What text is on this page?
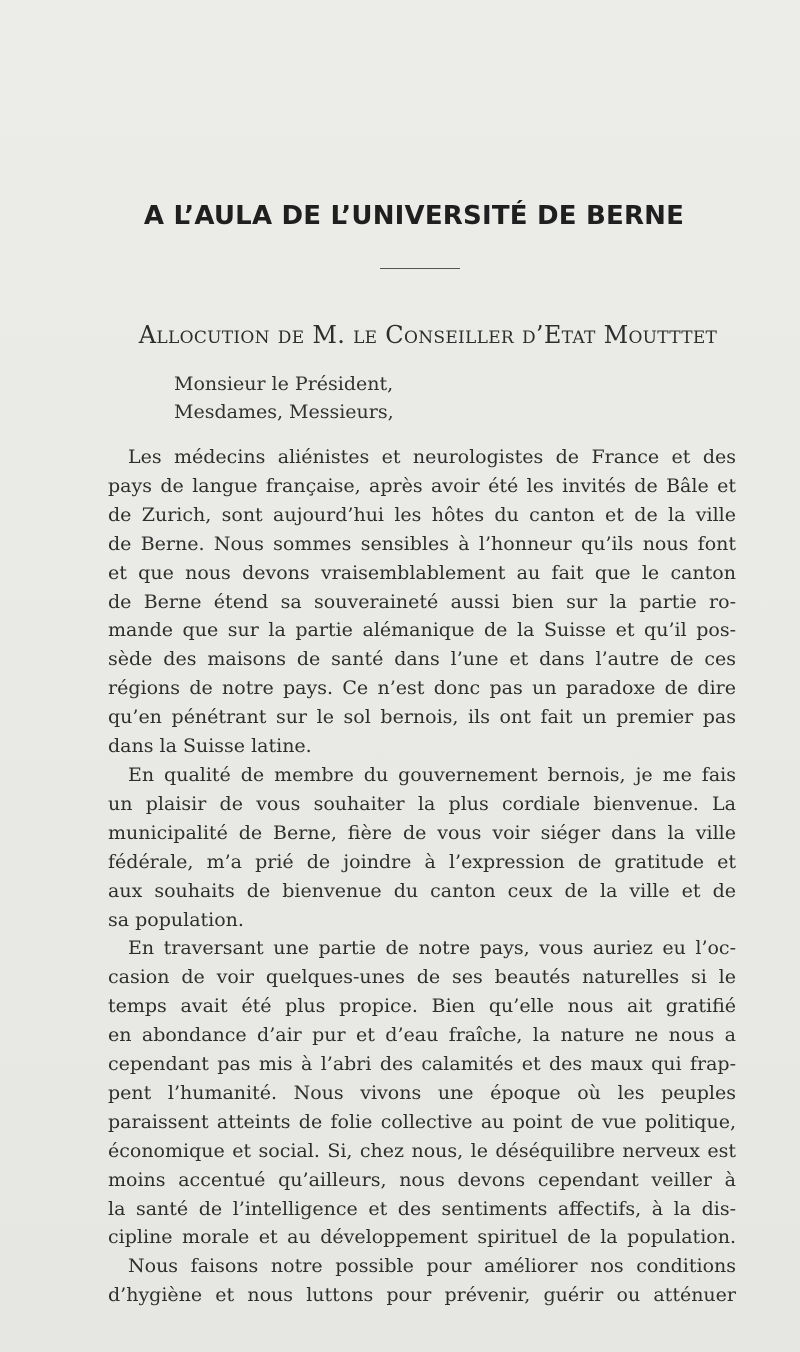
A L’AULA DE L’UNIVERSITÉ DE BERNE
Allocution de M. le Conseiller d’Etat Moutttet
Monsieur le Président,
Mesdames, Messieurs,
Les médecins aliénistes et neurologistes de France et des
pays de langue française, après avoir été les invités de Bâle et
de Zurich, sont aujourd’hui les hôtes du canton et de la ville
de Berne. Nous sommes sensibles à l’honneur qu’ils nous font
et que nous devons vraisemblablement au fait que le canton
de Berne étend sa souveraineté aussi bien sur la partie ro-
mande que sur la partie alémanique de la Suisse et qu’il pos-
sède des maisons de santé dans l’une et dans l’autre de ces
régions de notre pays. Ce n’est donc pas un paradoxe de dire
qu’en pénétrant sur le sol bernois, ils ont fait un premier pas
dans la Suisse latine.
En qualité de membre du gouvernement bernois, je me fais
un plaisir de vous souhaiter la plus cordiale bienvenue. La
municipalité de Berne, fière de vous voir siéger dans la ville
fédérale, m’a prié de joindre à l’expression de gratitude et
aux souhaits de bienvenue du canton ceux de la ville et de
sa population.
En traversant une partie de notre pays, vous auriez eu l’oc-
casion de voir quelques-unes de ses beautés naturelles si le
temps avait été plus propice. Bien qu’elle nous ait gratifié
en abondance d’air pur et d’eau fraîche, la nature ne nous a
cependant pas mis à l’abri des calamités et des maux qui frap-
pent l’humanité. Nous vivons une époque où les peuples
paraissent atteints de folie collective au point de vue politique,
économique et social. Si, chez nous, le déséquilibre nerveux est
moins accentué qu’ailleurs, nous devons cependant veiller à
la santé de l’intelligence et des sentiments affectifs, à la dis-
cipline morale et au développement spirituel de la population.
Nous faisons notre possible pour améliorer nos conditions
d’hygiène et nous luttons pour prévenir, guérir ou atténuer
